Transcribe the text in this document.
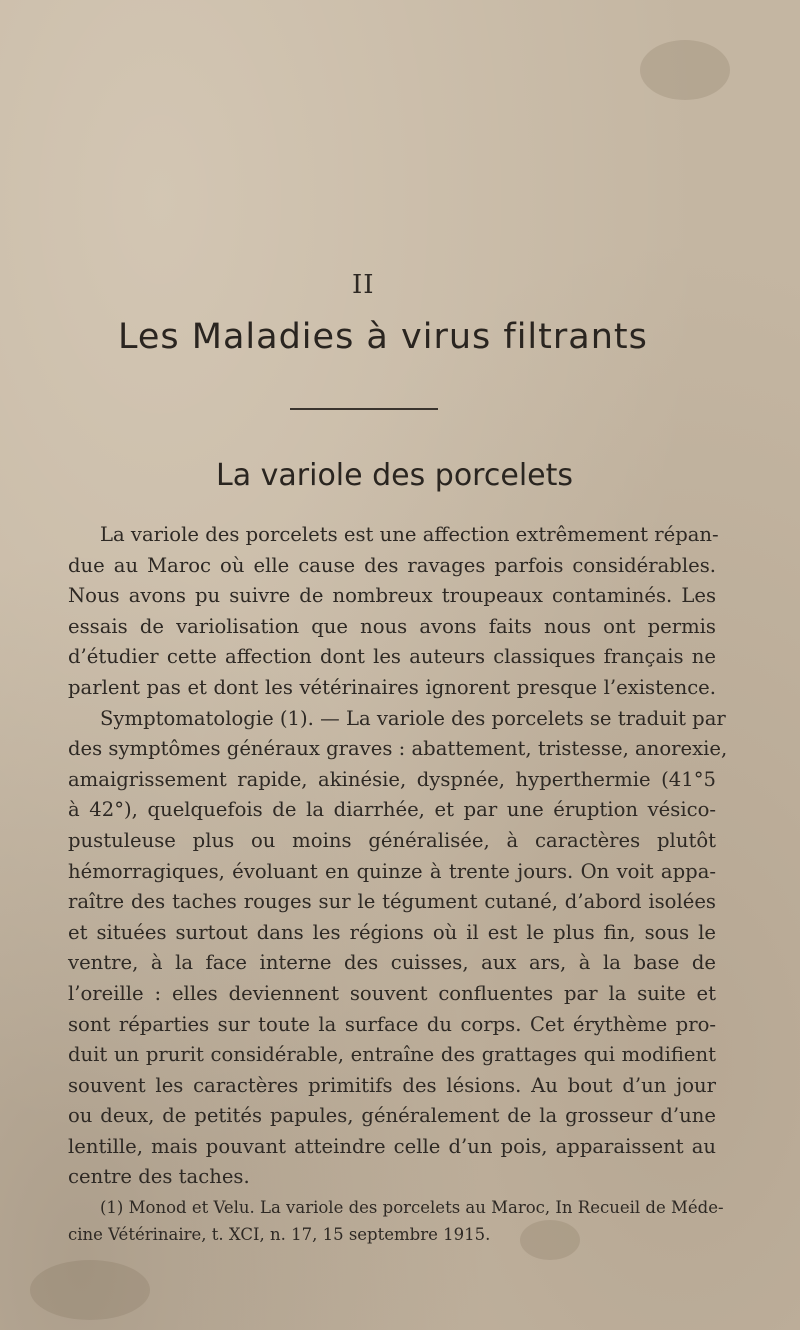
II
Les Maladies à virus filtrants
La variole des porcelets
La variole des porcelets est une affection extrêmement répan-
due au Maroc où elle cause des ravages parfois considérables.
Nous avons pu suivre de nombreux troupeaux contaminés. Les
essais de variolisation que nous avons faits nous ont permis
d’étudier cette affection dont les auteurs classiques français ne
parlent pas et dont les vétérinaires ignorent presque l’existence.
Symptomatologie (1). — La variole des porcelets se traduit par
des symptômes généraux graves : abattement, tristesse, anorexie,
amaigrissement rapide, akinésie, dyspnée, hyperthermie (41°5
à 42°), quelquefois de la diarrhée, et par une éruption vésico-
pustuleuse plus ou moins généralisée, à caractères plutôt
hémorragiques, évoluant en quinze à trente jours. On voit appa-
raître des taches rouges sur le tégument cutané, d’abord isolées
et situées surtout dans les régions où il est le plus fin, sous le
ventre, à la face interne des cuisses, aux ars, à la base de
l’oreille : elles deviennent souvent confluentes par la suite et
sont réparties sur toute la surface du corps. Cet érythème pro-
duit un prurit considérable, entraîne des grattages qui modifient
souvent les caractères primitifs des lésions. Au bout d’un jour
ou deux, de petités papules, généralement de la grosseur d’une
lentille, mais pouvant atteindre celle d’un pois, apparaissent au
centre des taches.
(1) Monod et Velu. La variole des porcelets au Maroc, In Recueil de Méde-
cine Vétérinaire, t. XCI, n. 17, 15 septembre 1915.
